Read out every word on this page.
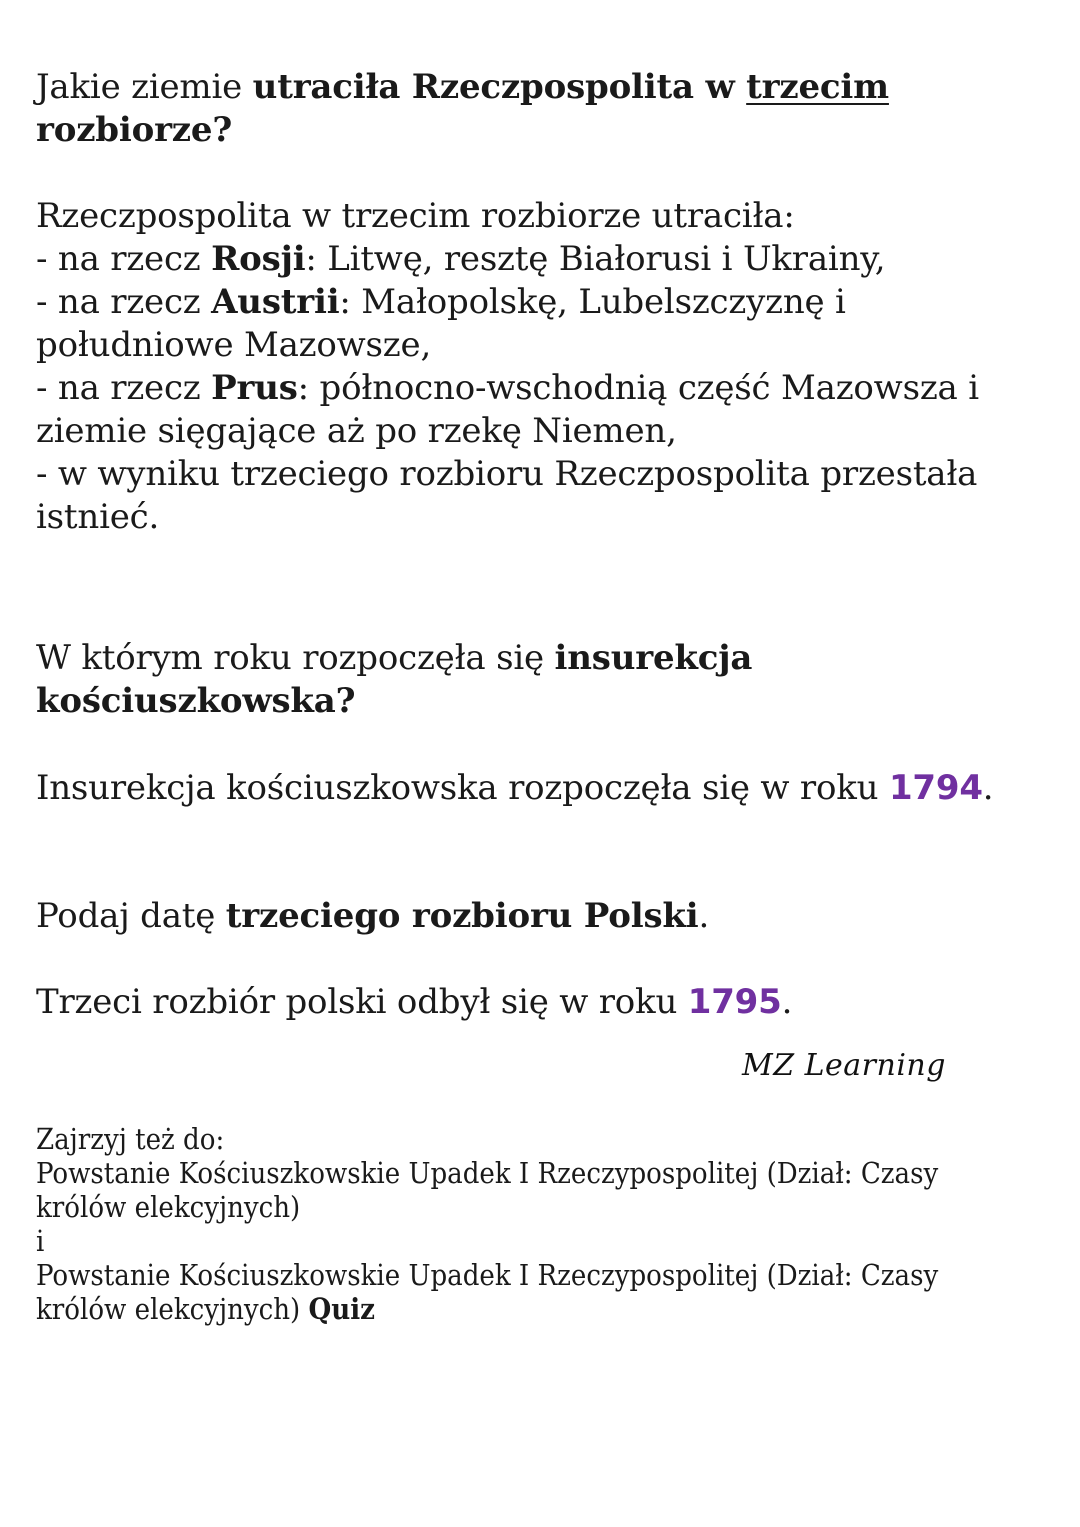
Jakie ziemie utraciła Rzeczpospolita w trzecim
rozbiorze?

Rzeczpospolita w trzecim rozbiorze utraciła:
- na rzecz Rosji: Litwę, resztę Białorusi i Ukrainy,
- na rzecz Austrii: Małopolskę, Lubelszczyznę i
południowe Mazowsze,
- na rzecz Prus: północno-wschodnią część Mazowsza i
ziemie sięgające aż po rzekę Niemen,
- w wyniku trzeciego rozbioru Rzeczpospolita przestała
istnieć.

W którym roku rozpoczęła się insurekcja
kościuszkowska?

Insurekcja kościuszkowska rozpoczęła się w roku 1794.

Podaj datę trzeciego rozbioru Polski.

Trzeci rozbiór polski odbył się w roku 1795.

MZ Learning
Zajrzyj też do:
Powstanie Kościuszkowskie Upadek I Rzeczypospolitej (Dział: Czasy
królów elekcyjnych)
i
Powstanie Kościuszkowskie Upadek I Rzeczypospolitej (Dział: Czasy
królów elekcyjnych) Quiz
